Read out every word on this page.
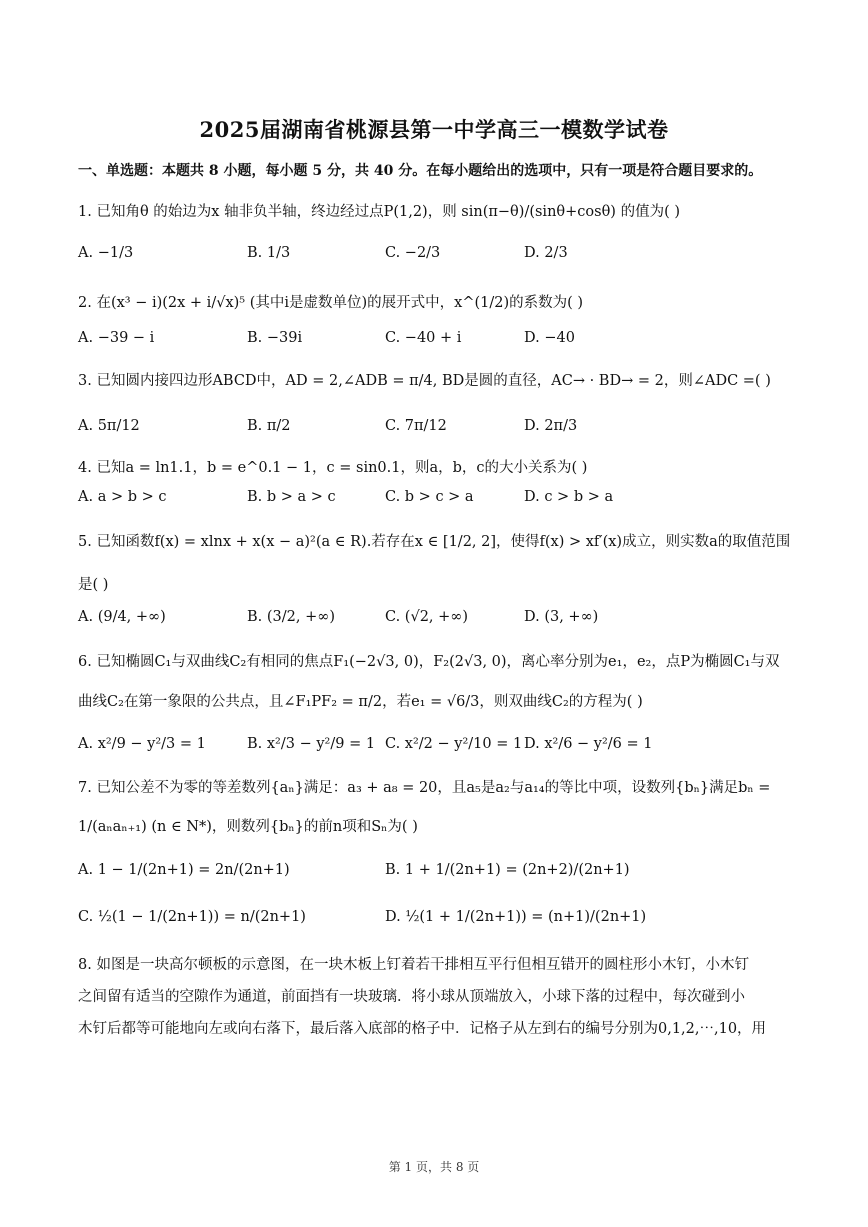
2025届湖南省桃源县第一中学高三一模数学试卷
一、单选题：本题共 8 小题，每小题 5 分，共 40 分。在每小题给出的选项中，只有一项是符合题目要求的。
1. 已知角θ 的始边为x 轴非负半轴，终边经过点P(1,2)，则 sin(π−θ)/(sinθ+cosθ) 的值为( )
A. −1/3	B. 1/3	C. −2/3	D. 2/3
2. 在(x³ − i)(2x + i/√x)⁵ (其中i是虚数单位)的展开式中，x^(1/2)的系数为( )
A. −39 − i	B. −39i	C. −40 + i	D. −40
3. 已知圆内接四边形ABCD中，AD = 2,∠ADB = π/4, BD是圆的直径，AC→ · BD→ = 2，则∠ADC =( )
A. 5π/12	B. π/2	C. 7π/12	D. 2π/3
4. 已知a = ln1.1，b = e^0.1 − 1，c = sin0.1，则a，b，c的大小关系为( )
A. a > b > c	B. b > a > c	C. b > c > a	D. c > b > a
5. 已知函数f(x) = xlnx + x(x − a)²(a ∈ R).若存在x ∈ [1/2, 2]，使得f(x) > xf′(x)成立，则实数a的取值范围
是( )
A. (9/4, +∞)	B. (3/2, +∞)	C. (√2, +∞)	D. (3, +∞)
6. 已知椭圆C₁与双曲线C₂有相同的焦点F₁(−2√3, 0)，F₂(2√3, 0)，离心率分别为e₁，e₂，点P为椭圆C₁与双
曲线C₂在第一象限的公共点，且∠F₁PF₂ = π/2，若e₁ = √6/3，则双曲线C₂的方程为( )
A. x²/9 − y²/3 = 1	B. x²/3 − y²/9 = 1 C. x²/2 − y²/10 = 1 D. x²/6 − y²/6 = 1
7. 已知公差不为零的等差数列{aₙ}满足：a₃ + a₈ = 20，且a₅是a₂与a₁₄的等比中项，设数列{bₙ}满足bₙ =
1/(aₙaₙ₊₁) (n ∈ N*)，则数列{bₙ}的前n项和Sₙ为( )
A. 1 − 1/(2n+1) = 2n/(2n+1)	B. 1 + 1/(2n+1) = (2n+2)/(2n+1)
C. ½(1 − 1/(2n+1)) = n/(2n+1)	D. ½(1 + 1/(2n+1)) = (n+1)/(2n+1)
8. 如图是一块高尔顿板的示意图，在一块木板上钉着若干排相互平行但相互错开的圆柱形小木钉，小木钉
之间留有适当的空隙作为通道，前面挡有一块玻璃．将小球从顶端放入，小球下落的过程中，每次碰到小
木钉后都等可能地向左或向右落下，最后落入底部的格子中．记格子从左到右的编号分别为0,1,2,⋯,10，用
第 1 页，共 8 页
